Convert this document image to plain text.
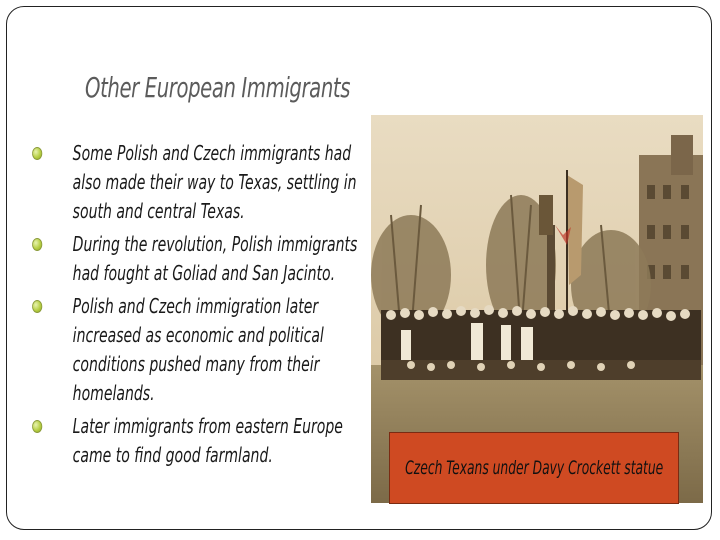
Other European Immigrants
Some Polish and Czech immigrants had also made their way to Texas, settling in south and central Texas.
During the revolution, Polish immigrants had fought at Goliad and San Jacinto.
Polish and Czech immigration later increased as economic and political conditions pushed many from their homelands.
Later immigrants from eastern Europe came to find good farmland.
Czech Texans under Davy Crockett statue
